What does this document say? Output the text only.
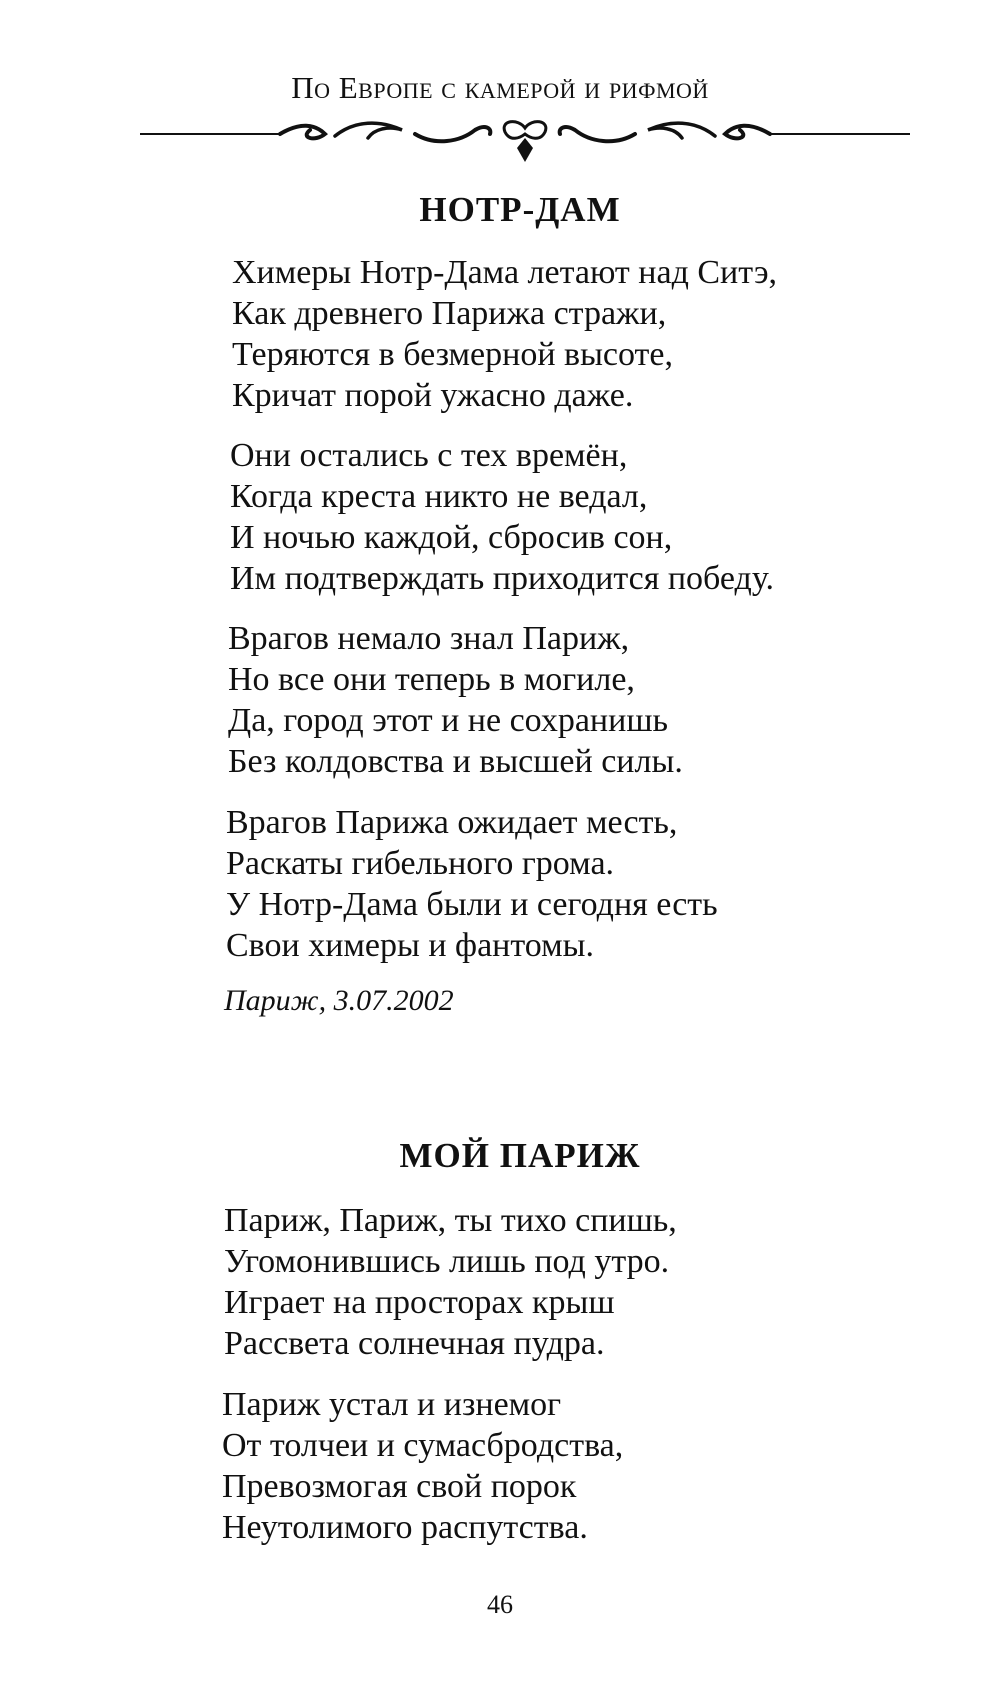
По Европе с камерой и рифмой
НОТР-ДАМ
Химеры Нотр-Дама летают над Ситэ,
Как древнего Парижа стражи,
Теряются в безмерной высоте,
Кричат порой ужасно даже.
Они остались с тех времён,
Когда креста никто не ведал,
И ночью каждой, сбросив сон,
Им подтверждать приходится победу.
Врагов немало знал Париж,
Но все они теперь в могиле,
Да, город этот и не сохранишь
Без колдовства и высшей силы.
Врагов Парижа ожидает месть,
Раскаты гибельного грома.
У Нотр-Дама были и сегодня есть
Свои химеры и фантомы.
Париж, 3.07.2002
МОЙ ПАРИЖ
Париж, Париж, ты тихо спишь,
Угомонившись лишь под утро.
Играет на просторах крыш
Рассвета солнечная пудра.
Париж устал и изнемог
От толчеи и сумасбродства,
Превозмогая свой порок
Неутолимого распутства.
46
